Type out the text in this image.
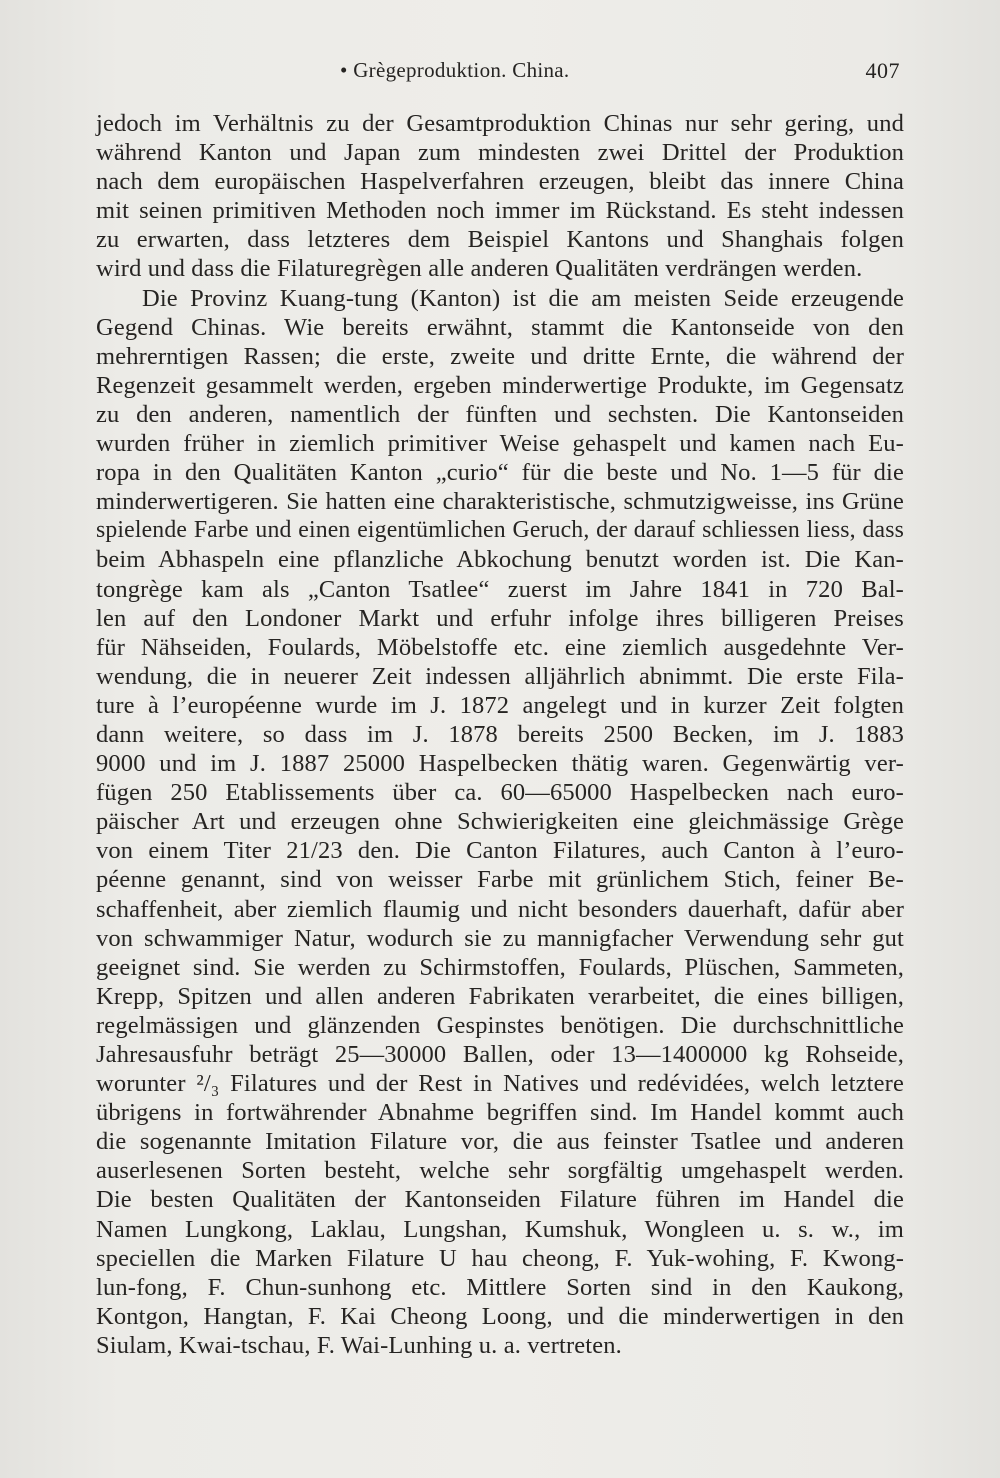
• Grègeproduktion. China.	407
jedoch im Verhältnis zu der Gesamtproduktion Chinas nur sehr gering, und
während Kanton und Japan zum mindesten zwei Drittel der Produktion
nach dem europäischen Haspelverfahren erzeugen, bleibt das innere China
mit seinen primitiven Methoden noch immer im Rückstand. Es steht indessen
zu erwarten, dass letzteres dem Beispiel Kantons und Shanghais folgen
wird und dass die Filaturegrègen alle anderen Qualitäten verdrängen werden.
Die Provinz Kuang-tung (Kanton) ist die am meisten Seide erzeugende
Gegend Chinas. Wie bereits erwähnt, stammt die Kantonseide von den
mehrerntigen Rassen; die erste, zweite und dritte Ernte, die während der
Regenzeit gesammelt werden, ergeben minderwertige Produkte, im Gegensatz
zu den anderen, namentlich der fünften und sechsten. Die Kantonseiden
wurden früher in ziemlich primitiver Weise gehaspelt und kamen nach Eu-
ropa in den Qualitäten Kanton „curio“ für die beste und No. 1—5 für die
minderwertigeren. Sie hatten eine charakteristische, schmutzigweisse, ins Grüne
spielende Farbe und einen eigentümlichen Geruch, der darauf schliessen liess, dass
beim Abhaspeln eine pflanzliche Abkochung benutzt worden ist. Die Kan-
tongrège kam als „Canton Tsatlee“ zuerst im Jahre 1841 in 720 Bal-
len auf den Londoner Markt und erfuhr infolge ihres billigeren Preises
für Nähseiden, Foulards, Möbelstoffe etc. eine ziemlich ausgedehnte Ver-
wendung, die in neuerer Zeit indessen alljährlich abnimmt. Die erste Fila-
ture à l’européenne wurde im J. 1872 angelegt und in kurzer Zeit folgten
dann weitere, so dass im J. 1878 bereits 2500 Becken, im J. 1883
9000 und im J. 1887 25000 Haspelbecken thätig waren. Gegenwärtig ver-
fügen 250 Etablissements über ca. 60—65000 Haspelbecken nach euro-
päischer Art und erzeugen ohne Schwierigkeiten eine gleichmässige Grège
von einem Titer 21/23 den. Die Canton Filatures, auch Canton à l’euro-
péenne genannt, sind von weisser Farbe mit grünlichem Stich, feiner Be-
schaffenheit, aber ziemlich flaumig und nicht besonders dauerhaft, dafür aber
von schwammiger Natur, wodurch sie zu mannigfacher Verwendung sehr gut
geeignet sind. Sie werden zu Schirmstoffen, Foulards, Plüschen, Sammeten,
Krepp, Spitzen und allen anderen Fabrikaten verarbeitet, die eines billigen,
regelmässigen und glänzenden Gespinstes benötigen. Die durchschnittliche
Jahresausfuhr beträgt 25—30000 Ballen, oder 13—1400000 kg Rohseide,
worunter ²/₃ Filatures und der Rest in Natives und redévidées, welch letztere
übrigens in fortwährender Abnahme begriffen sind. Im Handel kommt auch
die sogenannte Imitation Filature vor, die aus feinster Tsatlee und anderen
auserlesenen Sorten besteht, welche sehr sorgfältig umgehaspelt werden.
Die besten Qualitäten der Kantonseiden Filature führen im Handel die
Namen Lungkong, Laklau, Lungshan, Kumshuk, Wongleen u. s. w., im
speciellen die Marken Filature U hau cheong, F. Yuk-wohing, F. Kwong-
lun-fong, F. Chun-sunhong etc. Mittlere Sorten sind in den Kaukong,
Kontgon, Hangtan, F. Kai Cheong Loong, und die minderwertigen in den
Siulam, Kwai-tschau, F. Wai-Lunhing u. a. vertreten.
